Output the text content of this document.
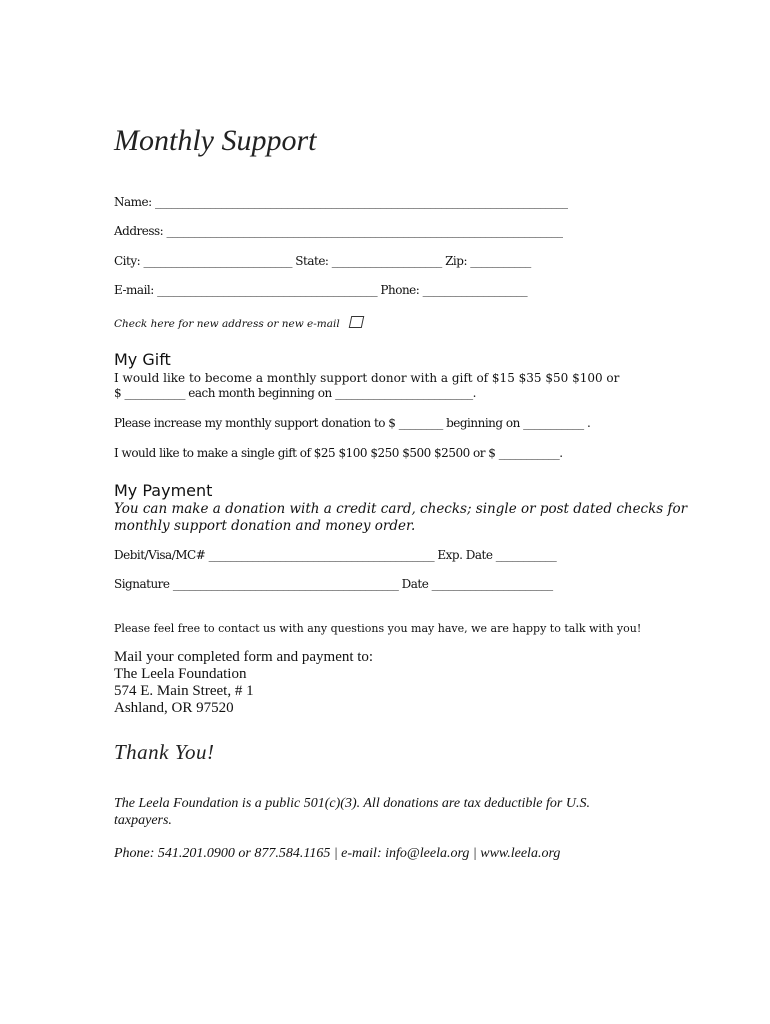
Monthly Support
Name: ___________________________________________________________________________
Address: ________________________________________________________________________
City: ___________________________ State: ____________________ Zip: ___________
E-mail: ________________________________________ Phone: ___________________
Check here for new address or new e-mail
My Gift
I would like to become a monthly support donor with a gift of $15 $35 $50 $100 or
$ ___________ each month beginning on _________________________.
Please increase my monthly support donation to $ ________ beginning on ___________ .
I would like to make a single gift of $25 $100 $250 $500 $2500 or $ ___________.
My Payment
You can make a donation with a credit card, checks; single or post dated checks for
monthly support donation and money order.
Debit/Visa/MC# _________________________________________ Exp. Date ___________
Signature _________________________________________ Date ______________________
Please feel free to contact us with any questions you may have, we are happy to talk with you!
Mail your completed form and payment to:
The Leela Foundation
574 E. Main Street, # 1
Ashland, OR 97520
Thank You!
The Leela Foundation is a public 501(c)(3). All donations are tax deductible for U.S.
taxpayers.
Phone: 541.201.0900 or 877.584.1165 | e-mail: info@leela.org | www.leela.org
